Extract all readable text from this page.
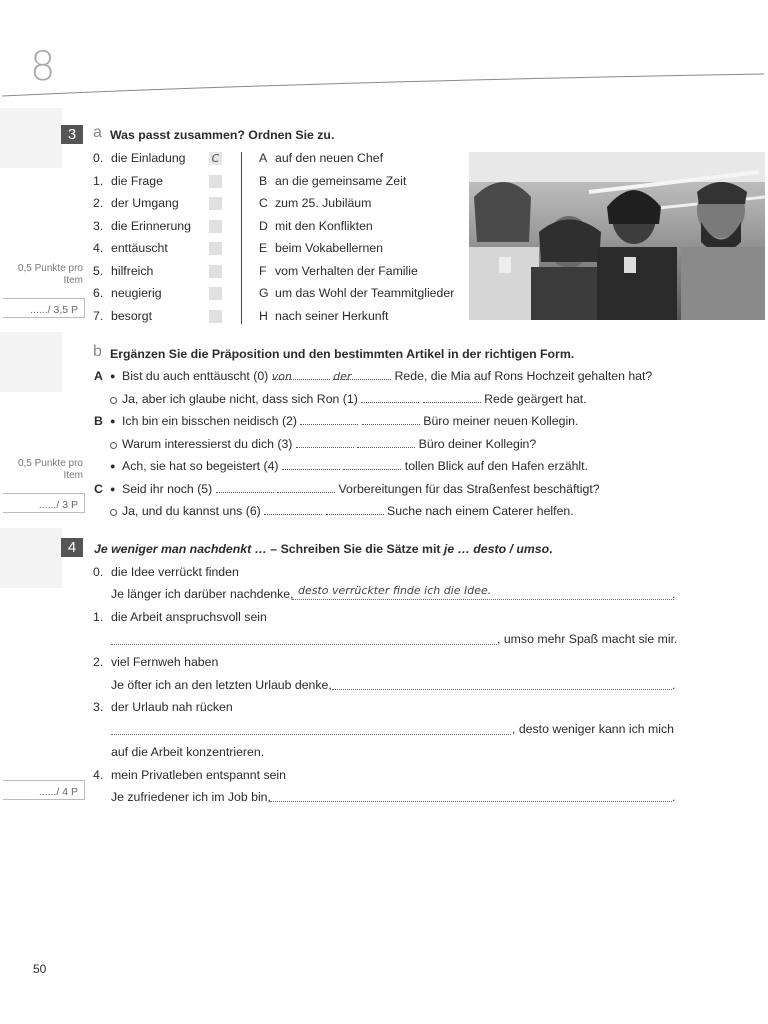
8
3	a Was passt zusammen? Ordnen Sie zu.
0. die Einladung C	A auf den neuen Chef
1. die Frage	B an die gemeinsame Zeit
2. der Umgang	C zum 25. Jubiläum
3. die Erinnerung	D mit den Konflikten
4. enttäuscht	E beim Vokabellernen
5. hilfreich	F vom Verhalten der Familie
6. neugierig	G um das Wohl der Teammitglieder
7. besorgt	H nach seiner Herkunft
0,5 Punkte pro Item
....../ 3,5 P
b Ergänzen Sie die Präposition und den bestimmten Artikel in der richtigen Form.
A ● Bist du auch enttäuscht (0) von	der	Rede, die Mia auf Rons Hochzeit gehalten hat?
Ja, aber ich glaube nicht, dass sich Ron (1)	Rede geärgert hat.
B ● Ich bin ein bisschen neidisch (2)	Büro meiner neuen Kollegin.
Warum interessierst du dich (3)	Büro deiner Kollegin?
● Ach, sie hat so begeistert (4)	tollen Blick auf den Hafen erzählt.
C ● Seid ihr noch (5)	Vorbereitungen für das Straßenfest beschäftigt?
Ja, und du kannst uns (6)	Suche nach einem Caterer helfen.
0,5 Punkte pro Item
....../ 3 P
4	Je weniger man nachdenkt … – Schreiben Sie die Sätze mit je … desto / umso.
0. die Idee verrückt finden
Je länger ich darüber nachdenke, desto verrückter finde ich die Idee.	.
1. die Arbeit anspruchsvoll sein
, umso mehr Spaß macht sie mir.
2. viel Fernweh haben
Je öfter ich an den letzten Urlaub denke,	.
3. der Urlaub nah rücken
, desto weniger kann ich mich
auf die Arbeit konzentrieren.
4. mein Privatleben entspannt sein
Je zufriedener ich im Job bin,	.
....../ 4 P
50
